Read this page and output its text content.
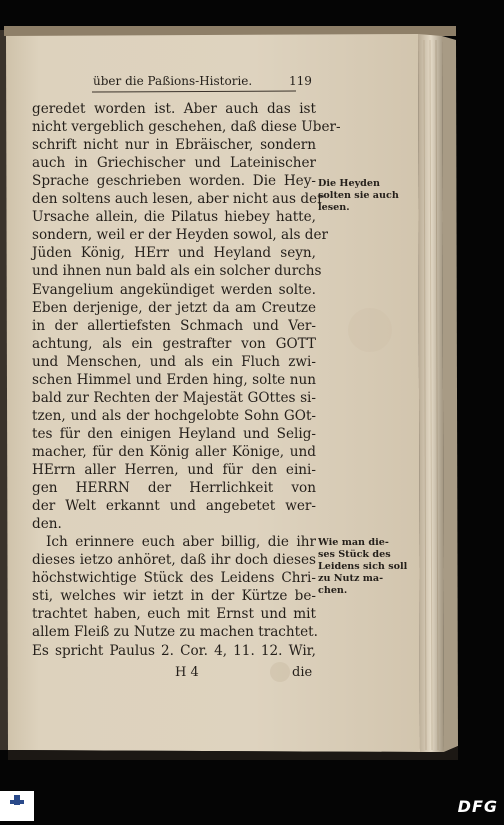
über die Paßions-Historie.	119
geredet worden ist. Aber auch das ist
nicht vergeblich geschehen, daß diese Uber-
schrift nicht nur in Ebräischer, sondern
auch in Griechischer und Lateinischer
Sprache geschrieben worden. Die Hey-
den soltens auch lesen, aber nicht aus der
Ursache allein, die Pilatus hiebey hatte,
sondern, weil er der Heyden sowol, als der
Jüden König, HErr und Heyland seyn,
und ihnen nun bald als ein solcher durchs
Evangelium angekündiget werden solte.
Eben derjenige, der jetzt da am Creutze
in der allertiefsten Schmach und Ver-
achtung, als ein gestrafter von GOTT
und Menschen, und als ein Fluch zwi-
schen Himmel und Erden hing, solte nun
bald zur Rechten der Majestät GOttes si-
tzen, und als der hochgelobte Sohn GOt-
tes für den einigen Heyland und Selig-
macher, für den König aller Könige, und
HErrn aller Herren, und für den eini-
gen HERRN der Herrlichkeit von
der Welt erkannt und angebetet wer-
den.
Ich erinnere euch aber billig, die ihr
dieses ietzo anhöret, daß ihr doch dieses
höchstwichtige Stück des Leidens Chri-
sti, welches wir ietzt in der Kürtze be-
trachtet haben, euch mit Ernst und mit
allem Fleiß zu Nutze zu machen trachtet.
Es spricht Paulus 2. Cor. 4, 11. 12. Wir,
Die Heyden
solten sie auch
lesen.
Wie man die-
ses Stück des
Leidens sich soll
zu Nutz ma-
chen.
H 4	die
DFG
